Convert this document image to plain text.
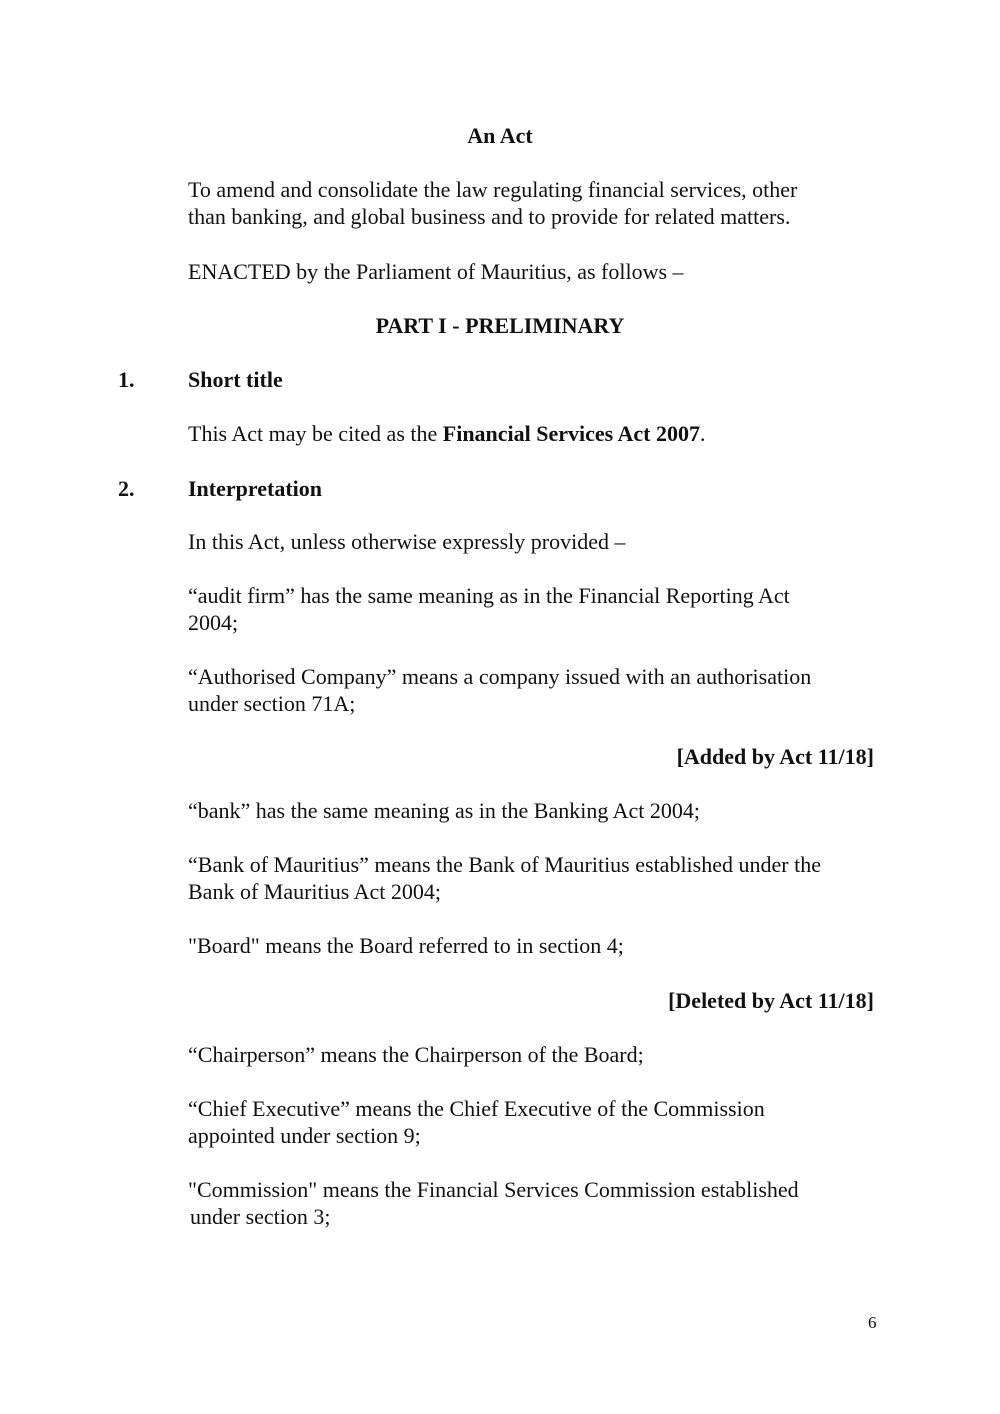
An Act

To amend and consolidate the law regulating financial services, other

than banking, and global business and to provide for related matters.

ENACTED by the Parliament of Mauritius, as follows –

PART I - PRELIMINARY

1. Short title

This Act may be cited as the Financial Services Act 2007.

2. Interpretation

In this Act, unless otherwise expressly provided –

“audit firm” has the same meaning as in the Financial Reporting Act

2004;

“Authorised Company” means a company issued with an authorisation

under section 71A;

[Added by Act 11/18]

“bank” has the same meaning as in the Banking Act 2004;

“Bank of Mauritius” means the Bank of Mauritius established under the

Bank of Mauritius Act 2004;

"Board" means the Board referred to in section 4;

[Deleted by Act 11/18]

“Chairperson” means the Chairperson of the Board;

“Chief Executive” means the Chief Executive of the Commission

appointed under section 9;

"Commission" means the Financial Services Commission established

under section 3;

6
